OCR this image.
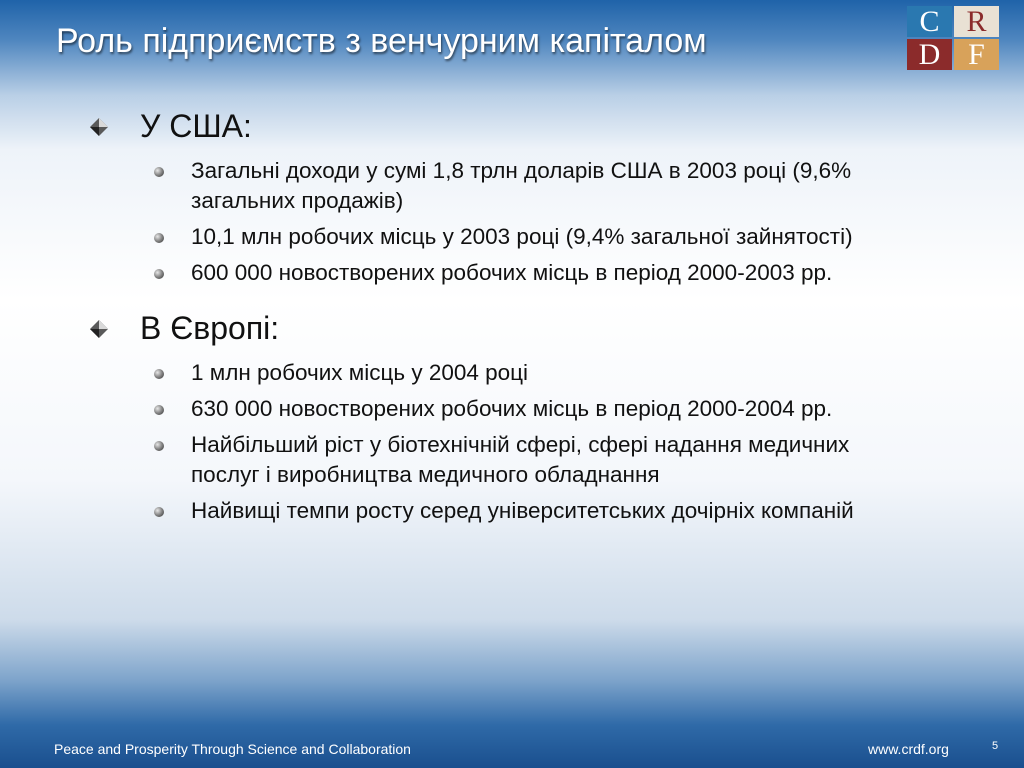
Роль підприємств з венчурним капіталом
C R
D F
У США:
Загальні доходи у сумі 1,8 трлн доларів США в 2003 році (9,6% загальних продажів)
10,1 млн робочих місць у 2003 році (9,4% загальної зайнятості)
600 000 новостворених робочих місць в період 2000-2003 рр.
В Європі:
1 млн робочих місць у 2004 році
630 000 новостворених робочих місць в період 2000-2004 рр.
Найбільший ріст у біотехнічній сфері, сфері надання медичних послуг і виробництва медичного обладнання
Найвищі темпи росту серед університетських дочірніх компаній
Peace and Prosperity Through Science and Collaboration	www.crdf.org	5
